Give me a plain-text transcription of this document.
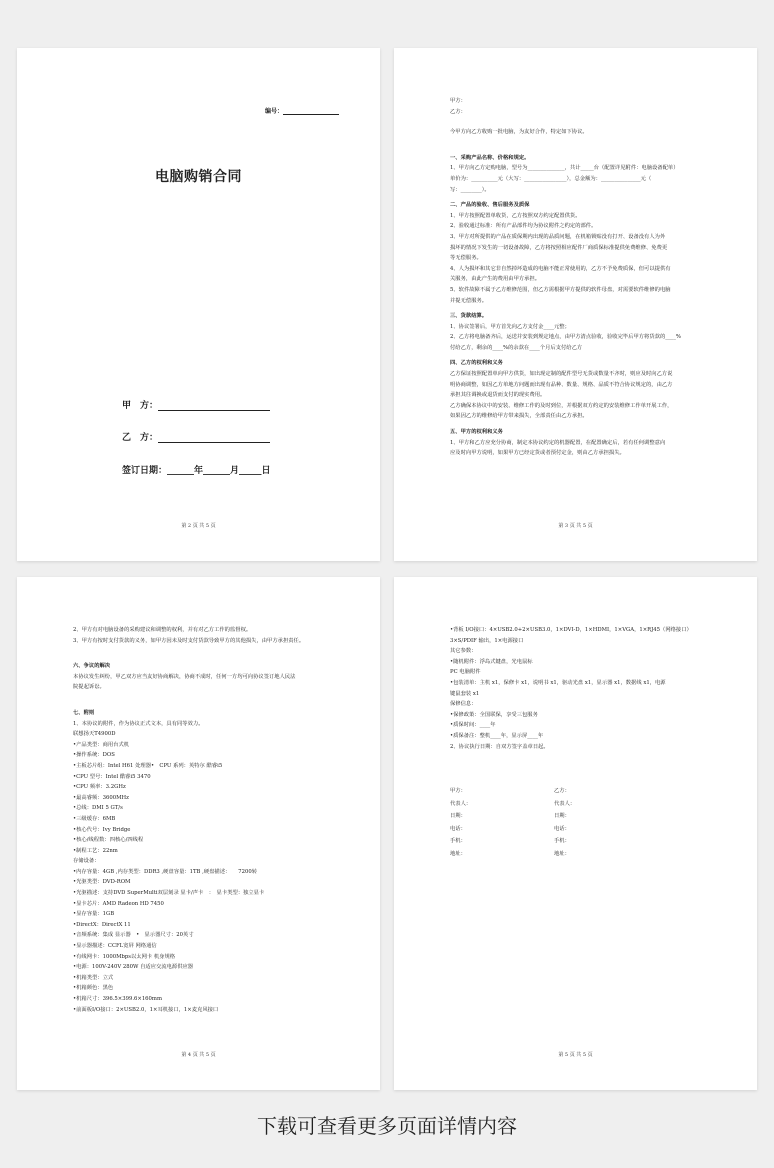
编号：
电脑购销合同
甲　方：
乙　方：
签订日期：______年______月_____日
第 2 页 共 5 页

甲方：

乙方：

今甲方向乙方收购一批电脑，为友好合作，特定如下协议。

一、采购产品名称、价格和规定。

1、甲方向乙方定购电脑，型号为______________，共计_____台（配置详见附件：电脑设备配单）

单价为：__________元（大写：________________），总金额为：_______________元（

写：________）。

二、产品的验收、售后服务及质保

1、甲方按照配置单收货，乙方按照双方约定配置供货。

2、验收通过标准：所有产品部件均为协议附件之约定的部件。

3、甲方对所提供的产品在质保期内出现的品质问题，在机箱锁贴没有打开、设备没有人为外

损坏的情况下发生的一切设备故障，乙方将按照相应配件厂商质保标准提供免费维修、免费更

等无偿服务。

4、人为损坏和其它非自然掉坏造成的电脑不能正常使用的，乙方不予免费质保，但可以提供有

关服务，由此产生的费用由甲方承担。

5、软件故障不属于乙方维修范围，但乙方需根据甲方提供的软件母盘，对需要软件维修的电脑

并提无偿服务。

三、货款结算。

1、协议签署后，甲方首先向乙方支付金____元整；

2、乙方将电脑备齐后，运送并安装到规定地点，由甲方清点验收，验收完毕后甲方将货款的____%

付给乙方，剩余的____%的余款在____个月后支付给乙方

四、乙方的权利和义务

乙方保证按照配置单向甲方供货，如出现定制的配件型号无货或数量不齐时，则应及时向乙方说

明协商调整，如因乙方单地方问题而出现有品种、数量、规格、品质不符合协议规定的，由乙方

承担其往调换或退货而支付的现实费用。

乙方确保本协议中的安装、维修工作的及时到位，并根据双方约定的安装维修工作单开展工作，

如果因乙方的维修给甲方带来损失，全部责任由乙方承担。

五、甲方的权利和义务

1、甲方和乙方应充分协商，制定本协议约定的机器配置，在配置确定后，若有任何调整意向

应及时向甲方说明，如果甲方已经定货或者预付定金，则由乙方承担损失。

第 3 页 共 5 页

2、甲方有对电脑设备的采购建议和调整的权利，并有对乙方工作的监督权。

3、甲方有按时支付货款的义务，如甲方因未及时支付货款导致甲方的其他损失，由甲方承担责任。

六、争议的解决

本协议发生纠纷，甲乙双方应当友好协商解决，协商不成时，任何一方均可向协议签订地人民法

院提起诉讼。

七、附则

1、本协议的附件，作为协议正式文本，具有同等效力。

联想扬天T4900D

•产品类型：商用台式机

•操作系统：DOS

•主板芯片组：Intel H61 处理器•　CPU 系列：英特尔 酷睿i5

•CPU 型号：Intel 酷睿i5 3470

•CPU 频率：3.2GHz

•最高睿频：3600MHz

•总线：DMI 5 GT/s

•三级缓存：6MB

•核心代号：Ivy Bridge

•核心/线程数：四核心/四线程

•制程工艺：22nm

存储设备：

•内存容量：4GB ,内存类型：DDR3 ,硬盘容量：1TB ,硬盘描述：　　7200转

•光驱类型：DVD-ROM

•光驱描述：支持DVD SuperMulti双层刻录 显卡/声卡　：　显卡类型：独立显卡

•显卡芯片：AMD Radeon HD 7450

•显存容量：1GB

•DirectX：DirectX 11

•音频系统：集成 显示器　•　显示器尺寸：20英寸

•显示器描述：CCFL宽屏 网络通信

•有线网卡：1000Mbps以太网卡 机身规格

•电源：100V-240V 280W 自适应交流电源供应器

•机箱类型：立式

•机箱颜色：黑色

•机箱尺寸：396.5×399.6×160mm

•前面板I/O接口：2×USB2.0，1×耳机接口，1×麦克风接口

第 4 页 共 5 页

•背板 I/O接口：4×USB2.0+2×USB3.0，1×DVI-D，1×HDMI，1×VGA，1×RJ45（网络接口）

3×S/PDIF 输出，1×电源接口

其它参数：

•随机附件：浮岛式键盘，光电鼠标

PC 电脑附件

•包装清单：主机 x1，保修卡 x1，说明书 x1，驱动光盘 x1，显示器 x1，数据线 x1，电源

键鼠套装 x1

保修信息：

•保修政策：全国联保，享受三包服务

•质保时间：____年

•质保备注：整机____年，显示屏____年

2、协议执行日期：自双方签字盖章日起。

甲方：	乙方：
代表人：	代表人：
日期：	日期：
电话：	电话：
手机：	手机：
地址：	地址：
第 5 页 共 5 页
下载可查看更多页面详情内容
